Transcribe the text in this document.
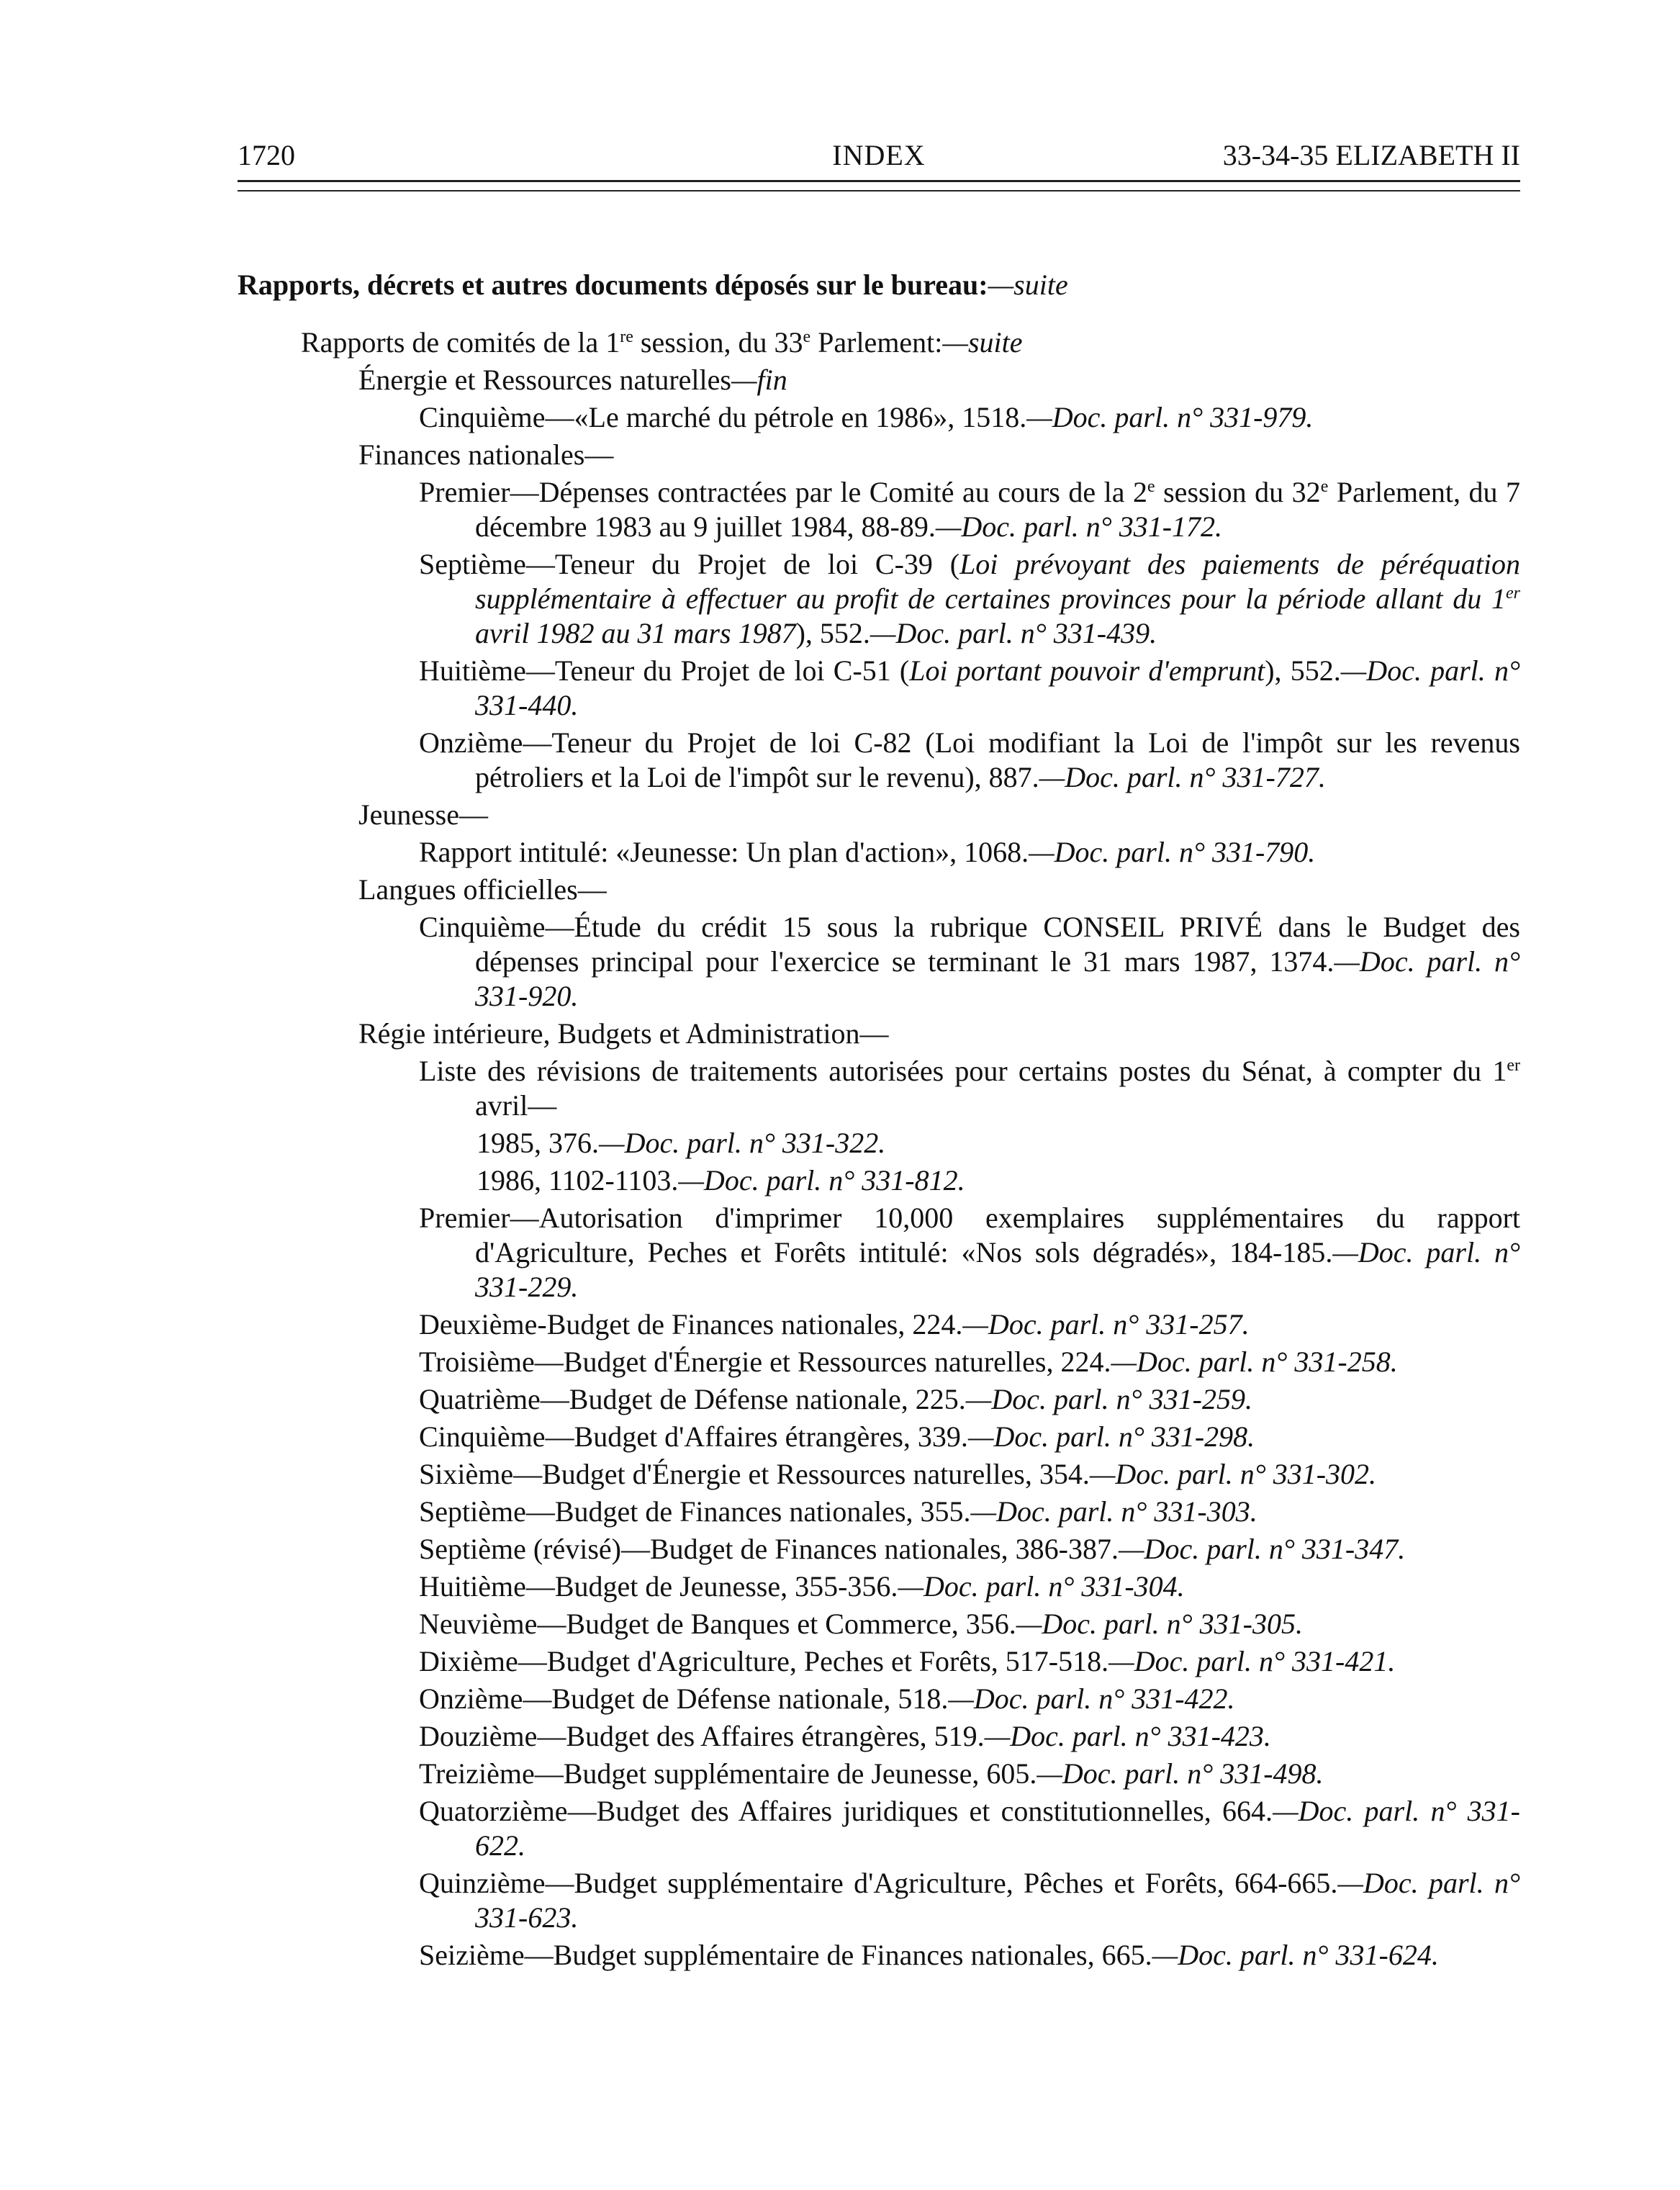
1720	INDEX	33-34-35 ELIZABETH II
Rapports, décrets et autres documents déposés sur le bureau:—suite
Rapports de comités de la 1re session, du 33e Parlement:—suite
Énergie et Ressources naturelles—fin
Cinquième—«Le marché du pétrole en 1986», 1518.—Doc. parl. n° 331-979.
Finances nationales—
Premier—Dépenses contractées par le Comité au cours de la 2e session du 32e Parlement, du 7 décembre 1983 au 9 juillet 1984, 88-89.—Doc. parl. n° 331-172.
Septième—Teneur du Projet de loi C-39 (Loi prévoyant des paiements de péréquation supplémentaire à effectuer au profit de certaines provinces pour la période allant du 1er avril 1982 au 31 mars 1987), 552.—Doc. parl. n° 331-439.
Huitième—Teneur du Projet de loi C-51 (Loi portant pouvoir d'emprunt), 552.—Doc. parl. n° 331-440.
Onzième—Teneur du Projet de loi C-82 (Loi modifiant la Loi de l'impôt sur les revenus pétroliers et la Loi de l'impôt sur le revenu), 887.—Doc. parl. n° 331-727.
Jeunesse—
Rapport intitulé: «Jeunesse: Un plan d'action», 1068.—Doc. parl. n° 331-790.
Langues officielles—
Cinquième—Étude du crédit 15 sous la rubrique CONSEIL PRIVÉ dans le Budget des dépenses principal pour l'exercice se terminant le 31 mars 1987, 1374.—Doc. parl. n° 331-920.
Régie intérieure, Budgets et Administration—
Liste des révisions de traitements autorisées pour certains postes du Sénat, à compter du 1er avril—
1985, 376.—Doc. parl. n° 331-322.
1986, 1102-1103.—Doc. parl. n° 331-812.
Premier—Autorisation d'imprimer 10,000 exemplaires supplémentaires du rapport d'Agriculture, Peches et Forêts intitulé: «Nos sols dégradés», 184-185.—Doc. parl. n° 331-229.
Deuxième-Budget de Finances nationales, 224.—Doc. parl. n° 331-257.
Troisième—Budget d'Énergie et Ressources naturelles, 224.—Doc. parl. n° 331-258.
Quatrième—Budget de Défense nationale, 225.—Doc. parl. n° 331-259.
Cinquième—Budget d'Affaires étrangères, 339.—Doc. parl. n° 331-298.
Sixième—Budget d'Énergie et Ressources naturelles, 354.—Doc. parl. n° 331-302.
Septième—Budget de Finances nationales, 355.—Doc. parl. n° 331-303.
Septième (révisé)—Budget de Finances nationales, 386-387.—Doc. parl. n° 331-347.
Huitième—Budget de Jeunesse, 355-356.—Doc. parl. n° 331-304.
Neuvième—Budget de Banques et Commerce, 356.—Doc. parl. n° 331-305.
Dixième—Budget d'Agriculture, Peches et Forêts, 517-518.—Doc. parl. n° 331-421.
Onzième—Budget de Défense nationale, 518.—Doc. parl. n° 331-422.
Douzième—Budget des Affaires étrangères, 519.—Doc. parl. n° 331-423.
Treizième—Budget supplémentaire de Jeunesse, 605.—Doc. parl. n° 331-498.
Quatorzième—Budget des Affaires juridiques et constitutionnelles, 664.—Doc. parl. n° 331-622.
Quinzième—Budget supplémentaire d'Agriculture, Pêches et Forêts, 664-665.—Doc. parl. n° 331-623.
Seizième—Budget supplémentaire de Finances nationales, 665.—Doc. parl. n° 331-624.
